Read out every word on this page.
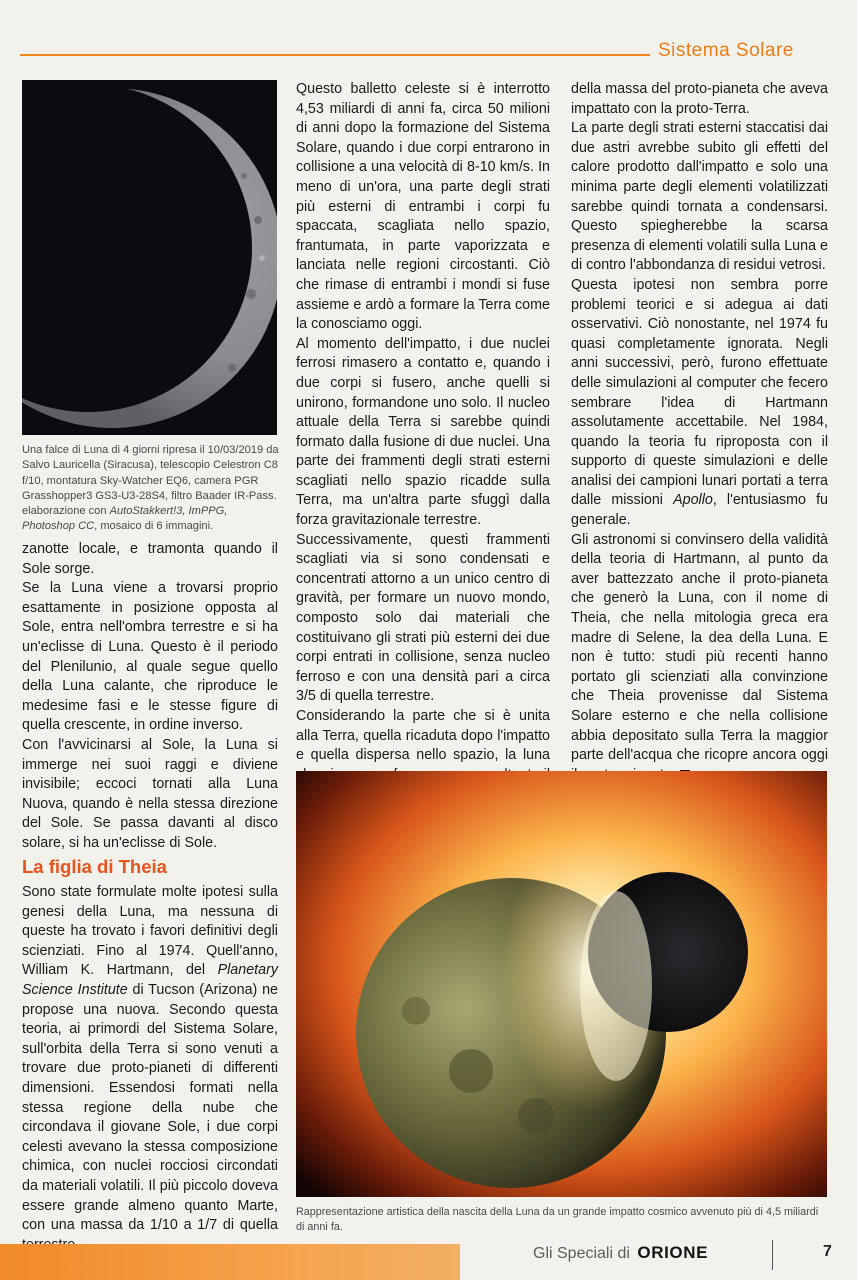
Sistema Solare

Una falce di Luna di 4 giorni ripresa il 10/03/2019 da Salvo Lauricella (Siracusa), telescopio Celestron C8 f/10, montatura Sky-Watcher EQ6, camera PGR Grasshopper3 GS3-U3-28S4, filtro Baader IR-Pass. elaborazione con AutoStakkert!3, ImPPG, Photoshop CC, mosaico di 6 immagini.

zanotte locale, e tramonta quando il Sole sorge.

Se la Luna viene a trovarsi proprio esattamente in posizione opposta al Sole, entra nell'ombra terrestre e si ha un'eclisse di Luna. Questo è il periodo del Plenilunio, al quale segue quello della Luna calante, che riproduce le medesime fasi e le stesse figure di quella crescente, in ordine inverso.

Con l'avvicinarsi al Sole, la Luna si immerge nei suoi raggi e diviene invisibile; eccoci tornati alla Luna Nuova, quando è nella stessa direzione del Sole. Se passa davanti al disco solare, si ha un'eclisse di Sole.

La figlia di Theia

Sono state formulate molte ipotesi sulla genesi della Luna, ma nessuna di queste ha trovato i favori definitivi degli scienziati. Fino al 1974. Quell'anno, William K. Hartmann, del Planetary Science Institute di Tucson (Arizona) ne propose una nuova. Secondo questa teoria, ai primordi del Sistema Solare, sull'orbita della Terra si sono venuti a trovare due proto-pianeti di differenti dimensioni. Essendosi formati nella stessa regione della nube che circondava il giovane Sole, i due corpi celesti avevano la stessa composizione chimica, con nuclei rocciosi circondati da materiali volatili. Il più piccolo doveva essere grande almeno quanto Marte, con una massa da 1/10 a 1/7 di quella

Questo balletto celeste si è interrotto 4,53 miliardi di anni fa, circa 50 milioni di anni dopo la formazione del Sistema Solare, quando i due corpi entrarono in collisione a una velocità di 8-10 km/s. In meno di un'ora, una parte degli strati più esterni di entrambi i corpi fu spaccata, scagliata nello spazio, frantumata, in parte vaporizzata e lanciata nelle regioni circostanti. Ciò che rimase di entrambi i mondi si fuse assieme e ardò a formare la Terra come la conosciamo oggi.

Al momento dell'impatto, i due nuclei ferrosi rimasero a contatto e, quando i due corpi si fusero, anche quelli si unirono, formandone uno solo. Il nucleo attuale della Terra si sarebbe quindi formato dalla fusione di due nuclei. Una parte dei frammenti degli strati esterni scagliati nello spazio ricadde sulla Terra, ma un'altra parte sfuggì dalla forza gravitazionale terrestre.

Successivamente, questi frammenti scagliati via si sono condensati e concentrati attorno a un unico centro di gravità, per formare un nuovo mondo, composto solo dai materiali che costituivano gli strati più esterni dei due corpi entrati in collisione, senza nucleo ferroso e con una densità pari a circa 3/5 di quella terrestre.

Considerando la parte che si è unita alla Terra, quella ricaduta dopo l'impatto e quella dispersa nello spazio, la luna

della massa del proto-pianeta che aveva impattato con la proto-Terra.

La parte degli strati esterni staccatisi dai due astri avrebbe subito gli effetti del calore prodotto dall'impatto e solo una minima parte degli elementi volatilizzati sarebbe quindi tornata a condensarsi. Questo spiegherebbe la scarsa presenza di elementi volatili sulla Luna e di contro l'abbondanza di residui vetrosi.

Questa ipotesi non sembra porre problemi teorici e si adegua ai dati osservativi. Ciò nonostante, nel 1974 fu quasi completamente ignorata. Negli anni successivi, però, furono effettuate delle simulazioni al computer che fecero sembrare l'idea di Hartmann assolutamente accettabile. Nel 1984, quando la teoria fu riproposta con il supporto di queste simulazioni e delle analisi dei campioni lunari portati a terra dalle missioni Apollo, l'entusiasmo fu generale.

Gli astronomi si convinsero della validità della teoria di Hartmann, al punto da aver battezzato anche il proto-pianeta che generò la Luna, con il nome di Theia, che nella mitologia greca era madre di Selene, la dea della Luna. E non è tutto: studi più recenti hanno portato gli scienziati alla convinzione che Theia provenisse dal Sistema Solare esterno e che nella collisione abbia depositato sulla Terra la maggior parte dell'acqua che ricopre ancora oggi

Rappresentazione artistica della nascita della Luna da un grande impatto cosmico avvenuto più di 4,5 miliardi di anni fa.

Gli Speciali di ORIONE	7
